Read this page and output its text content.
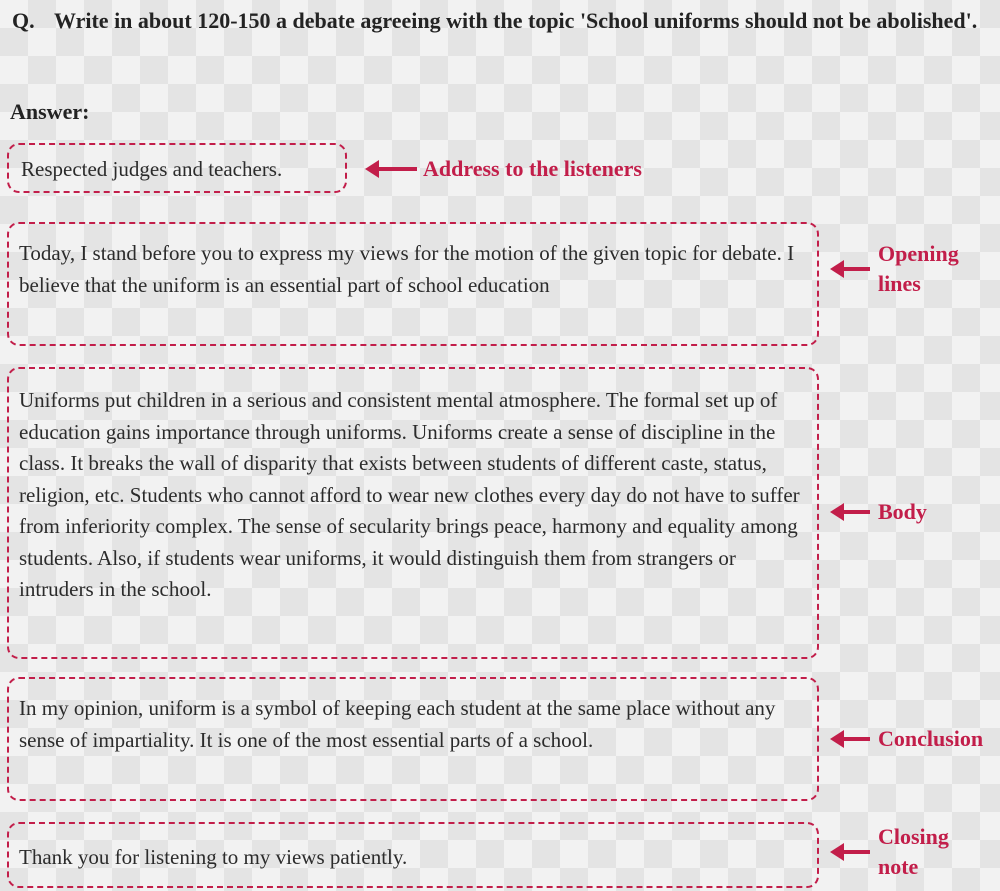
Q. Write in about 120-150 a debate agreeing with the topic 'School uniforms should not be abolished'.
Answer:

Respected judges and teachers.	Address to the listeners

Today, I stand before you to express my views for the motion of the given topic for debate. I believe that the uniform is an essential part of school education

Opening
lines

Uniforms put children in a serious and consistent mental atmosphere. The formal set up of education gains importance through uniforms. Uniforms create a sense of discipline in the class. It breaks the wall of disparity that exists between students of different caste, status, religion, etc. Students who cannot afford to wear new clothes every day do not have to suffer from inferiority complex. The sense of secularity brings peace, harmony and equality among students. Also, if students wear uniforms, it would distinguish them from strangers or intruders in the school.

Body

In my opinion, uniform is a symbol of keeping each student at the same place without any sense of impartiality. It is one of the most essential parts of a school.	Conclusion

Thank you for listening to my views patiently.

Closing
note
